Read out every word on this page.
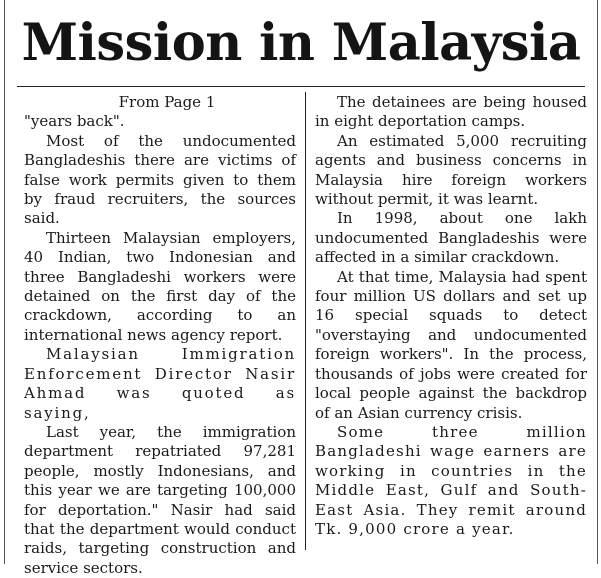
Mission in Malaysia

From Page 1

"years back".

Most of the undocumented Bangladeshis there are victims of false work permits given to them by fraud recruiters, the sources said.

Thirteen Malaysian employers, 40 Indian, two Indonesian and three Bangladeshi workers were detained on the first day of the crackdown, according to an international news agency report.

Malaysian Immigration Enforcement Director Nasir Ahmad was quoted as saying,

Last year, the immigration department repatriated 97,281 people, mostly Indonesians, and this year we are targeting 100,000 for deportation." Nasir had said that the department would conduct raids, targeting construction and service sectors.

The detainees are being housed in eight deportation camps.

An estimated 5,000 recruiting agents and business concerns in Malaysia hire foreign workers without permit, it was learnt.

In 1998, about one lakh undocumented Bangladeshis were affected in a similar crackdown.

At that time, Malaysia had spent four million US dollars and set up 16 special squads to detect "overstaying and undocumented foreign workers". In the process, thousands of jobs were created for local people against the backdrop of an Asian currency crisis.

Some three million Bangladeshi wage earners are working in countries in the Middle East, Gulf and South-East Asia. They remit around Tk. 9,000 crore a year.
